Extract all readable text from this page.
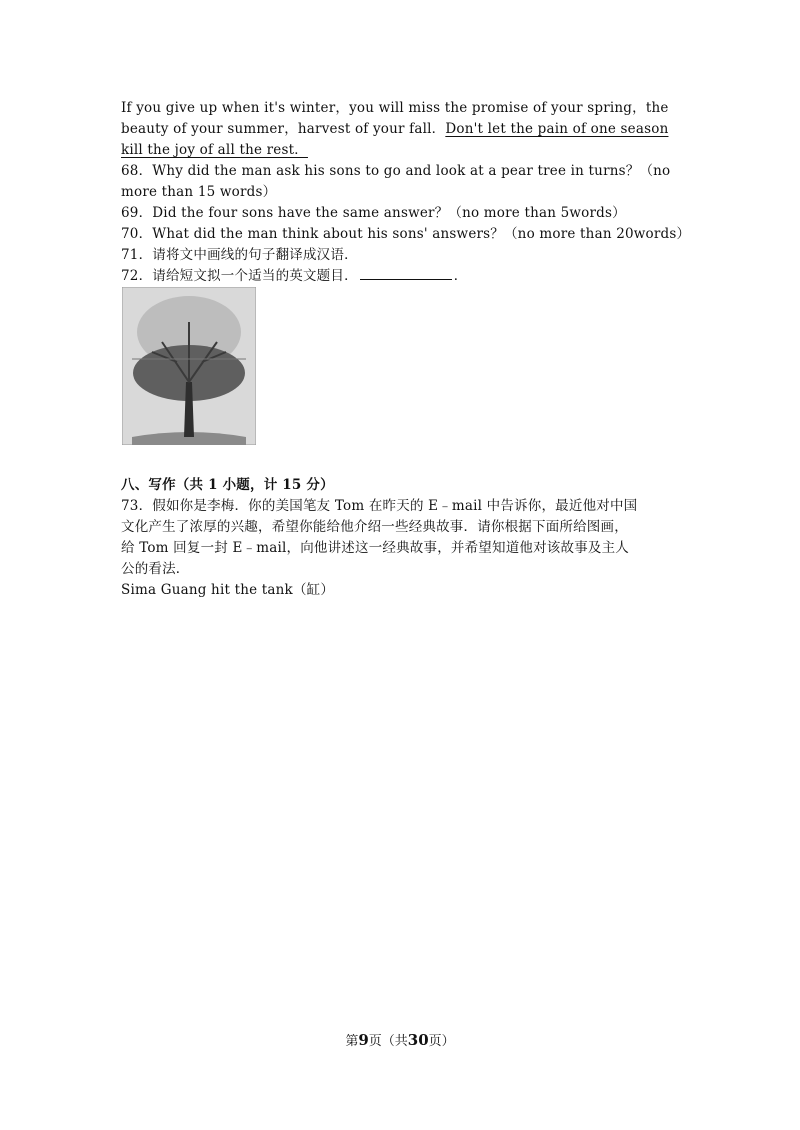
If you give up when it's winter，you will miss the promise of your spring，the
beauty of your summer，harvest of your fall．Don't let the pain of one season
kill the joy of all the rest．
68．Why did the man ask his sons to go and look at a pear tree in turns？（no
more than 15 words）
69．Did the four sons have the same answer？（no more than 5words）
70．What did the man think about his sons' answers？（no more than 20words）
71．请将文中画线的句子翻译成汉语．
72．请给短文拟一个适当的英文题目．	．
八、写作（共 1 小题，计 15 分）
73．假如你是李梅．你的美国笔友 Tom 在昨天的 E﹣mail 中告诉你，最近他对中国
文化产生了浓厚的兴趣，希望你能给他介绍一些经典故事．请你根据下面所给图画，
给 Tom 回复一封 E﹣mail，向他讲述这一经典故事，并希望知道他对该故事及主人
公的看法．
Sima Guang hit the tank（缸）
第9页（共30页）
